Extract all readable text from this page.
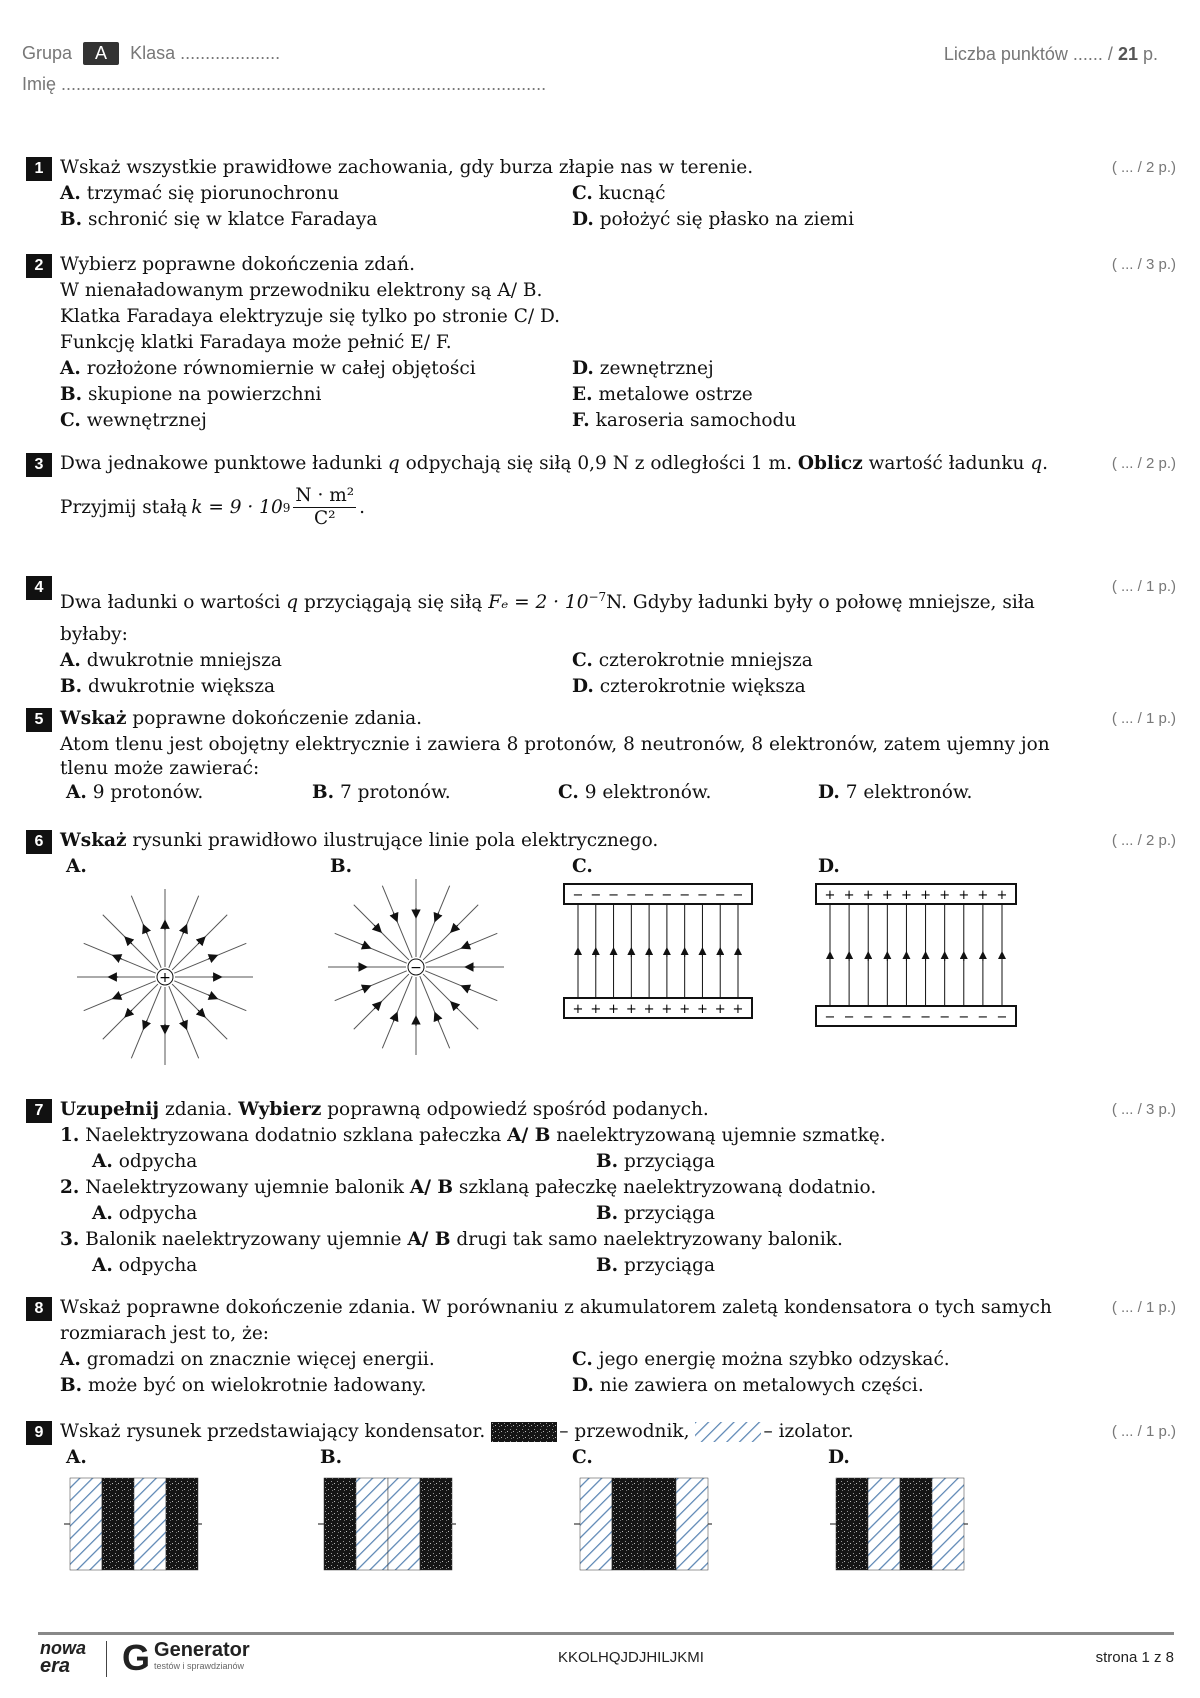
Grupa A Klasa ....................
Imię .................................................................................................
Liczba punktów ...... / 21 p.
1	( ... / 2 p.)
Wskaż wszystkie prawidłowe zachowania, gdy burza złapie nas w terenie.
A. trzymać się piorunochronu	C. kucnąć
B. schronić się w klatce Faradaya	D. położyć się płasko na ziemi
2	( ... / 3 p.)
Wybierz poprawne dokończenia zdań.
W nienaładowanym przewodniku elektrony są A/ B.
Klatka Faradaya elektryzuje się tylko po stronie C/ D.
Funkcję klatki Faradaya może pełnić E/ F.
A. rozłożone równomiernie w całej objętości	D. zewnętrznej
B. skupione na powierzchni	E. metalowe ostrze
C. wewnętrznej	F. karoseria samochodu
3	( ... / 2 p.)
Dwa jednakowe punktowe ładunki q odpychają się siłą 0,9 N z odległości 1 m. Oblicz wartość ładunku q.
Przyjmij stałą k = 9 · 10 $9 \frac{\text{N · m²}}{\text{C²}}$ .
4	( ... / 1 p.)
Dwa ładunki o wartości q przyciągają się siłą $F_e = 2 \cdot 10^{-7}N$. Gdyby ładunki były o połowę mniejsze, siła
byłaby:
A. dwukrotnie mniejsza	C. czterokrotnie mniejsza
B. dwukrotnie większa	D. czterokrotnie większa
5	( ... / 1 p.)
Wskaż poprawne dokończenie zdania.
Atom tlenu jest obojętny elektrycznie i zawiera 8 protonów, 8 neutronów, 8 elektronów, zatem ujemny jon
tlenu może zawierać:
A. 9 protonów.	B. 7 protonów.	C. 9 elektronów.	D. 7 elektronów.
6	( ... / 2 p.)
Wskaż rysunki prawidłowo ilustrujące linie pola elektrycznego.
A.	B.	C.	D.
+
−
−
+
−
+
−
+
−
+
−
+
−
+
−
+
−
+
−
+
−
+
+
−
+
−
+
−
+
−
+
−
+
−
+
−
+
−
+
−
+
−
7	( ... / 3 p.)
Uzupełnij zdania. Wybierz poprawną odpowiedź spośród podanych.
1. Naelektryzowana dodatnio szklana pałeczka A/ B naelektryzowaną ujemnie szmatkę.
A. odpycha	B. przyciąga
2. Naelektryzowany ujemnie balonik A/ B szklaną pałeczkę naelektryzowaną dodatnio.
A. odpycha	B. przyciąga
3. Balonik naelektryzowany ujemnie A/ B drugi tak samo naelektryzowany balonik.
A. odpycha	B. przyciąga
8	( ... / 1 p.)
Wskaż poprawne dokończenie zdania. W porównaniu z akumulatorem zaletą kondensatora o tych samych
rozmiarach jest to, że:
A. gromadzi on znacznie więcej energii.	C. jego energię można szybko odzyskać.
B. może być on wielokrotnie ładowany.	D. nie zawiera on metalowych części.
9	( ... / 1 p.)
Wskaż rysunek przedstawiający kondensator.	– przewodnik,	– izolator.
A.	B.	C.	D.
nowa
era	G Generator
testów i sprawdzianów	KKOLHQJDJHILJKMI	strona 1 z 8
